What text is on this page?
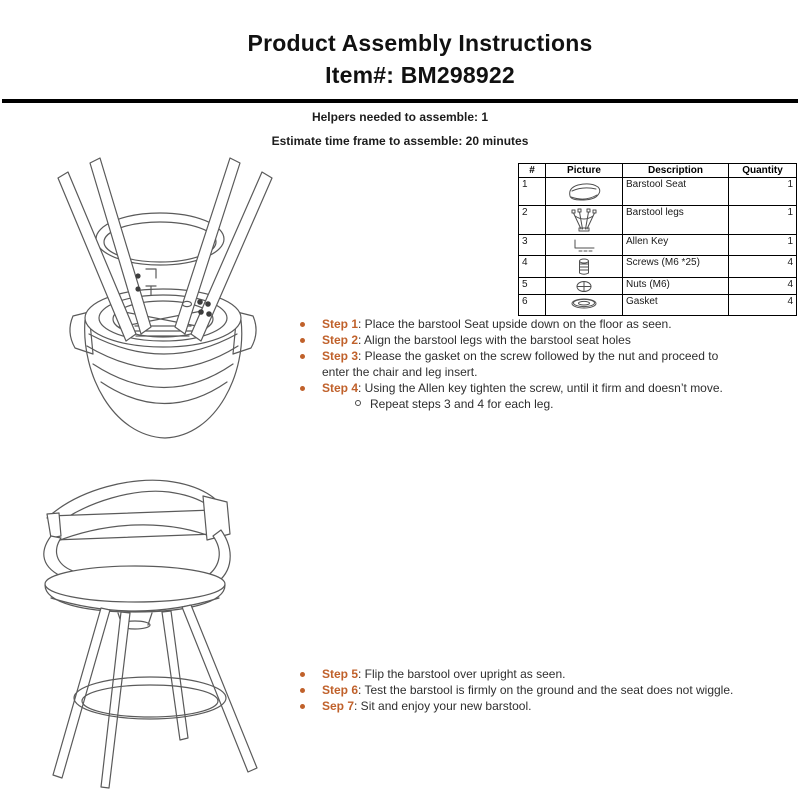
Product Assembly Instructions
Item#: BM298922
Helpers needed to assemble: 1
Estimate time frame to assemble: 20 minutes
#	Picture	Description	Quantity
1		Barstool Seat	1
2		Barstool legs	1
3		Allen Key	1
4		Screws (M6 *25)	4
5		Nuts (M6)	4
6		Gasket	4
Step 1: Place the barstool Seat upside down on the floor as seen.
Step 2: Align the barstool legs with the barstool seat holes
Step 3: Please the gasket on the screw followed by the nut and proceed to
enter the chair and leg insert.
Step 4: Using the Allen key tighten the screw, until it firm and doesn’t move.
Repeat steps 3 and 4 for each leg.
Step 5: Flip the barstool over upright as seen.
Step 6: Test the barstool is firmly on the ground and the seat does not wiggle.
Sep 7: Sit and enjoy your new barstool.
